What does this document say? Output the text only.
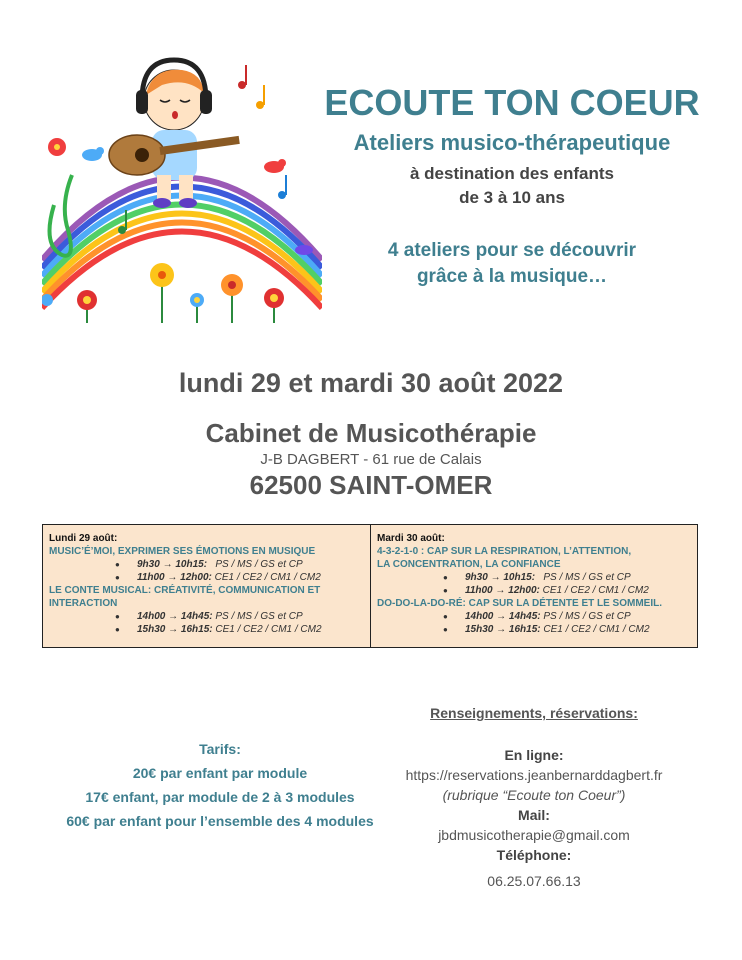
ECOUTE TON COEUR
Ateliers musico-thérapeutique
à destination des enfants
de 3 à 10 ans
4 ateliers pour se découvrir
grâce à la musique…
lundi 29 et mardi 30 août 2022
Cabinet de Musicothérapie
J-B DAGBERT - 61 rue de Calais
62500 SAINT-OMER
Lundi 29 août:
MUSIC’É’MOI, EXPRIMER SES ÉMOTIONS EN MUSIQUE
● 9h30 → 10h15: PS / MS / GS et CP
● 11h00 → 12h00: CE1 / CE2 / CM1 / CM2
LE CONTE MUSICAL: CRÉATIVITÉ, COMMUNICATION ET INTERACTION
● 14h00 → 14h45: PS / MS / GS et CP
● 15h30 → 16h15: CE1 / CE2 / CM1 / CM2
Mardi 30 août:
4-3-2-1-0 : CAP SUR LA RESPIRATION, L’ATTENTION,
LA CONCENTRATION, LA CONFIANCE
● 9h30 → 10h15: PS / MS / GS et CP
● 11h00 → 12h00: CE1 / CE2 / CM1 / CM2
DO-DO-LA-DO-RÉ: CAP SUR LA DÉTENTE ET LE SOMMEIL.
● 14h00 → 14h45: PS / MS / GS et CP
● 15h30 → 16h15: CE1 / CE2 / CM1 / CM2
Tarifs:
20€ par enfant par module
17€ enfant, par module de 2 à 3 modules
60€ par enfant pour l’ensemble des 4 modules
Renseignements, réservations:
En ligne:
https://reservations.jeanbernarddagbert.fr
(rubrique “Ecoute ton Coeur”)
Mail:
jbdmusicotherapie@gmail.com
Téléphone:
06.25.07.66.13
